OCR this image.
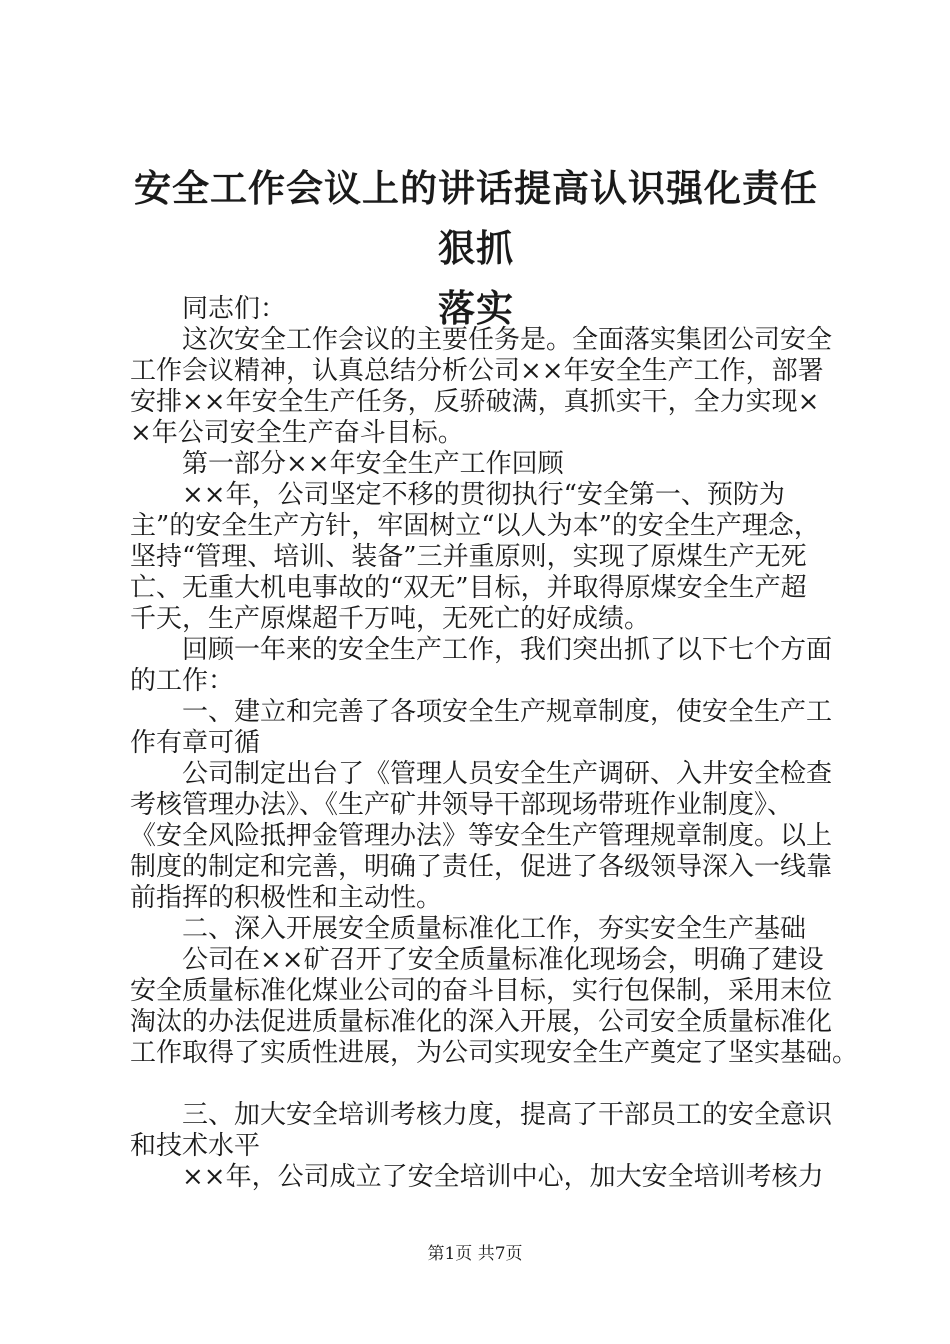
安全工作会议上的讲话提高认识强化责任狠抓
落实
　　同志们：
　　这次安全工作会议的主要任务是。全面落实集团公司安全
工作会议精神，认真总结分析公司××年安全生产工作，部署
安排××年安全生产任务，反骄破满，真抓实干，全力实现×
×年公司安全生产奋斗目标。
　　第一部分××年安全生产工作回顾
　　××年，公司坚定不移的贯彻执行“安全第一、预防为
主”的安全生产方针，牢固树立“以人为本”的安全生产理念，
坚持“管理、培训、装备”三并重原则，实现了原煤生产无死
亡、无重大机电事故的“双无”目标，并取得原煤安全生产超
千天，生产原煤超千万吨，无死亡的好成绩。
　　回顾一年来的安全生产工作，我们突出抓了以下七个方面
的工作：
　　一、建立和完善了各项安全生产规章制度，使安全生产工
作有章可循
　　公司制定出台了《管理人员安全生产调研、入井安全检查
考核管理办法》、《生产矿井领导干部现场带班作业制度》、
《安全风险抵押金管理办法》等安全生产管理规章制度。以上
制度的制定和完善，明确了责任，促进了各级领导深入一线靠
前指挥的积极性和主动性。
　　二、深入开展安全质量标准化工作，夯实安全生产基础
　　公司在××矿召开了安全质量标准化现场会，明确了建设
安全质量标准化煤业公司的奋斗目标，实行包保制，采用末位
淘汰的办法促进质量标准化的深入开展，公司安全质量标准化
工作取得了实质性进展，为公司实现安全生产奠定了坚实基础。
　　三、加大安全培训考核力度，提高了干部员工的安全意识
和技术水平
　　××年，公司成立了安全培训中心，加大安全培训考核力
第1页 共7页
